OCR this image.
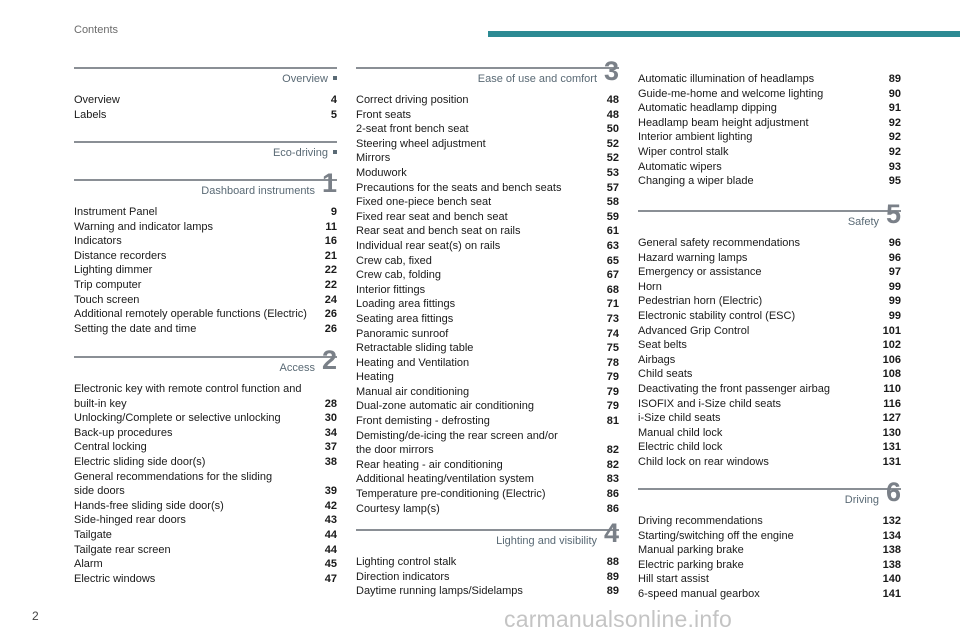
Contents
Overview
Overview	4
Labels	5
Eco-driving
Dashboard instruments 1
Instrument Panel	9
Warning and indicator lamps	11
Indicators	16
Distance recorders	21
Lighting dimmer	22
Trip computer	22
Touch screen	24
Additional remotely operable functions (Electric)	26
Setting the date and time	26
Access 2
Electronic key with remote control function and
built-in key	28
Unlocking/Complete or selective unlocking	30
Back-up procedures	34
Central locking	37
Electric sliding side door(s)	38
General recommendations for the sliding
side doors	39
Hands-free sliding side door(s)	42
Side-hinged rear doors	43
Tailgate	44
Tailgate rear screen	44
Alarm	45
Electric windows	47
Ease of use and comfort 3
Correct driving position	48
Front seats	48
2-seat front bench seat	50
Steering wheel adjustment	52
Mirrors	52
Moduwork	53
Precautions for the seats and bench seats	57
Fixed one-piece bench seat	58
Fixed rear seat and bench seat	59
Rear seat and bench seat on rails	61
Individual rear seat(s) on rails	63
Crew cab, fixed	65
Crew cab, folding	67
Interior fittings	68
Loading area fittings	71
Seating area fittings	73
Panoramic sunroof	74
Retractable sliding table	75
Heating and Ventilation	78
Heating	79
Manual air conditioning	79
Dual-zone automatic air conditioning	79
Front demisting - defrosting	81
Demisting/de-icing the rear screen and/or
the door mirrors	82
Rear heating - air conditioning	82
Additional heating/ventilation system	83
Temperature pre-conditioning (Electric)	86
Courtesy lamp(s)	86
Lighting and visibility 4
Lighting control stalk	88
Direction indicators	89
Daytime running lamps/Sidelamps	89
Automatic illumination of headlamps	89
Guide-me-home and welcome lighting	90
Automatic headlamp dipping	91
Headlamp beam height adjustment	92
Interior ambient lighting	92
Wiper control stalk	92
Automatic wipers	93
Changing a wiper blade	95
Safety 5
General safety recommendations	96
Hazard warning lamps	96
Emergency or assistance	97
Horn	99
Pedestrian horn (Electric)	99
Electronic stability control (ESC)	99
Advanced Grip Control	101
Seat belts	102
Airbags	106
Child seats	108
Deactivating the front passenger airbag	110
ISOFIX and i-Size child seats	116
i-Size child seats	127
Manual child lock	130
Electric child lock	131
Child lock on rear windows	131
Driving 6
Driving recommendations	132
Starting/switching off the engine	134
Manual parking brake	138
Electric parking brake	138
Hill start assist	140
6-speed manual gearbox	141
2	carmanualsonline.info
